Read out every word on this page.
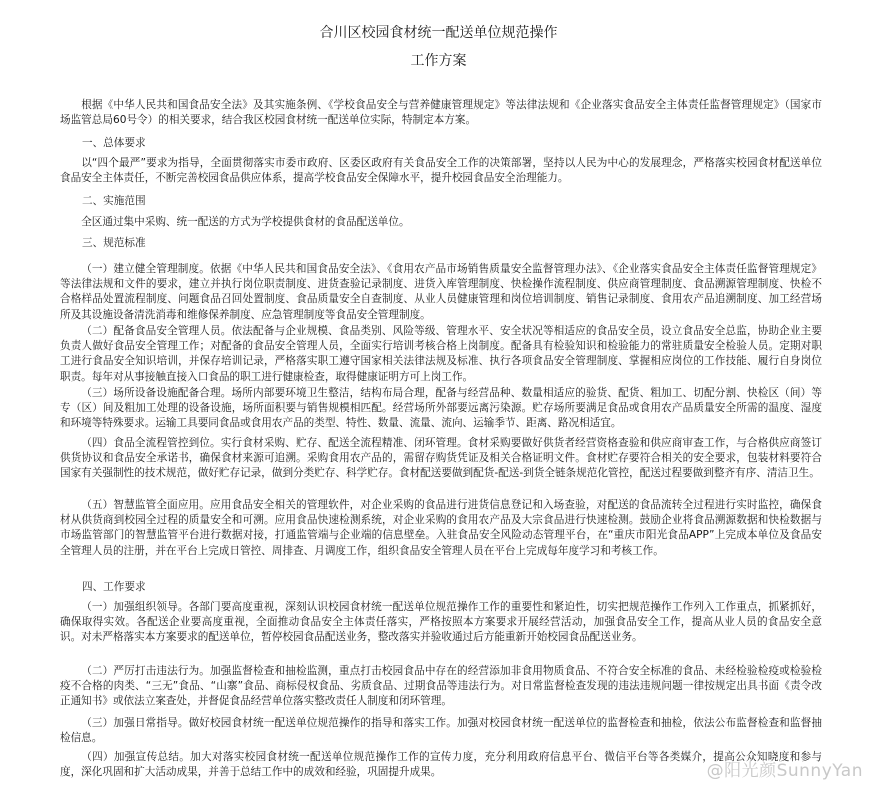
合川区校园食材统一配送单位规范操作
工作方案

根据《中华人民共和国食品安全法》及其实施条例、《学校食品安全与营养健康管理规定》等法律法规和《企业落实食品安全主体责任监督管理规定》（国家市场监管总局60号令）的相关要求，结合我区校园食材统一配送单位实际，特制定本方案。

一、总体要求

以“四个最严”要求为指导，全面贯彻落实市委市政府、区委区政府有关食品安全工作的决策部署，坚持以人民为中心的发展理念，严格落实校园食材配送单位食品安全主体责任，不断完善校园食品供应体系，提高学校食品安全保障水平，提升校园食品安全治理能力。

二、实施范围

全区通过集中采购、统一配送的方式为学校提供食材的食品配送单位。

三、规范标准

（一）建立健全管理制度。依据《中华人民共和国食品安全法》、《食用农产品市场销售质量安全监督管理办法》、《企业落实食品安全主体责任监督管理规定》等法律法规和文件的要求，建立并执行岗位职责制度、进货查验记录制度、进货入库管理制度、快检操作流程制度、供应商管理制度、食品溯源管理制度、快检不合格样品处置流程制度、问题食品召回处置制度、食品质量安全自查制度、从业人员健康管理和岗位培训制度、销售记录制度、食用农产品追溯制度、加工经营场所及其设施设备清洗消毒和维修保养制度、应急管理制度等食品安全管理制度。

（二）配备食品安全管理人员。依法配备与企业规模、食品类别、风险等级、管理水平、安全状况等相适应的食品安全员，设立食品安全总监，协助企业主要负责人做好食品安全管理工作；对配备的食品安全管理人员，全面实行培训考核合格上岗制度。配备具有检验知识和检验能力的常驻质量安全检验人员。定期对职工进行食品安全知识培训，并保存培训记录，严格落实职工遵守国家相关法律法规及标准、执行各项食品安全管理制度、掌握相应岗位的工作技能、履行自身岗位职责。每年对从事接触直接入口食品的职工进行健康检查，取得健康证明方可上岗工作。

（三）场所设备设施配备合理。场所内部要环境卫生整洁，结构布局合理，配备与经营品种、数量相适应的验货、配货、粗加工、切配分割、快检区（间）等专（区）间及粗加工处理的设备设施，场所面积要与销售规模相匹配。经营场所外部要远离污染源。贮存场所要满足食品或食用农产品质量安全所需的温度、湿度和环境等特殊要求。运输工具要同食品或食用农产品的类型、特性、数量、流量、流向、运输季节、距离、路况相适宜。

（四）食品全流程管控到位。实行食材采购、贮存、配送全流程精准、闭环管理。食材采购要做好供货者经营资格查验和供应商审查工作，与合格供应商签订供货协议和食品安全承诺书，确保食材来源可追溯。采购食用农产品的，需留存购货凭证及相关合格证明文件。食材贮存要符合相关的安全要求，包装材料要符合国家有关强制性的技术规范，做好贮存记录，做到分类贮存、科学贮存。食材配送要做到配货-配送-到货全链条规范化管控，配送过程要做到整齐有序、清洁卫生。

（五）智慧监管全面应用。应用食品安全相关的管理软件，对企业采购的食品进行进货信息登记和入场查验，对配送的食品流转全过程进行实时监控，确保食材从供货商到校园全过程的质量安全和可溯。应用食品快速检测系统，对企业采购的食用农产品及大宗食品进行快速检测。鼓励企业将食品溯源数据和快检数据与市场监管部门的智慧监管平台进行数据对接，打通监管端与企业端的信息壁垒。入驻食品安全风险动态管理平台，在“重庆市阳光食品APP”上完成本单位及食品安全管理人员的注册，并在平台上完成日管控、周排查、月调度工作，组织食品安全管理人员在平台上完成每年度学习和考核工作。

四、工作要求

（一）加强组织领导。各部门要高度重视，深刻认识校园食材统一配送单位规范操作工作的重要性和紧迫性，切实把规范操作工作列入工作重点，抓紧抓好，确保取得实效。各配送企业要高度重视，全面推动食品安全主体责任落实，严格按照本方案要求开展经营活动，加强食品安全工作，提高从业人员的食品安全意识。对未严格落实本方案要求的配送单位，暂停校园食品配送业务，整改落实并验收通过后方能重新开始校园食品配送业务。

（二）严厉打击违法行为。加强监督检查和抽检监测，重点打击校园食品中存在的经营添加非食用物质食品、不符合安全标准的食品、未经检验检疫或检验检疫不合格的肉类、“三无”食品、“山寨”食品、商标侵权食品、劣质食品、过期食品等违法行为。对日常监督检查发现的违法违规问题一律按规定出具书面《责令改正通知书》或依法立案查处，并督促食品经营单位落实整改责任人制度和闭环管理。

（三）加强日常指导。做好校园食材统一配送单位规范操作的指导和落实工作。加强对校园食材统一配送单位的监督检查和抽检，依法公布监督检查和监督抽检信息。

（四）加强宣传总结。加大对落实校园食材统一配送单位规范操作工作的宣传力度，充分利用政府信息平台、微信平台等各类媒介，提高公众知晓度和参与度，深化巩固和扩大活动成果，并善于总结工作中的成效和经验，巩固提升成果。	@阳光颜SunnyYan
